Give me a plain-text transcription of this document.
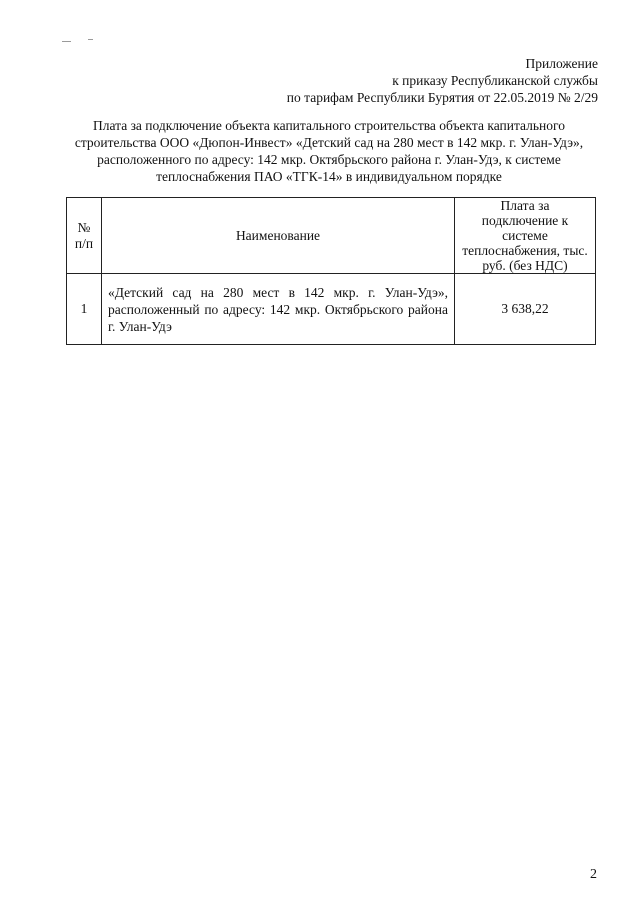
Приложение
к приказу Республиканской службы
по тарифам Республики Бурятия от 22.05.2019 № 2/29
Плата за подключение объекта капитального строительства объекта капитального строительства ООО «Дюпон-Инвест» «Детский сад на 280 мест в 142 мкр. г. Улан-Удэ», расположенного по адресу: 142 мкр. Октябрьского района г. Улан-Удэ, к системе теплоснабжения ПАО «ТГК-14» в индивидуальном порядке
№ п/п	Наименование	Плата за подключение к системе теплоснабжения, тыс. руб. (без НДС)
1	«Детский сад на 280 мест в 142 мкр. г. Улан-Удэ», расположенный по адресу: 142 мкр. Октябрьского района г. Улан-Удэ	3 638,22
2
